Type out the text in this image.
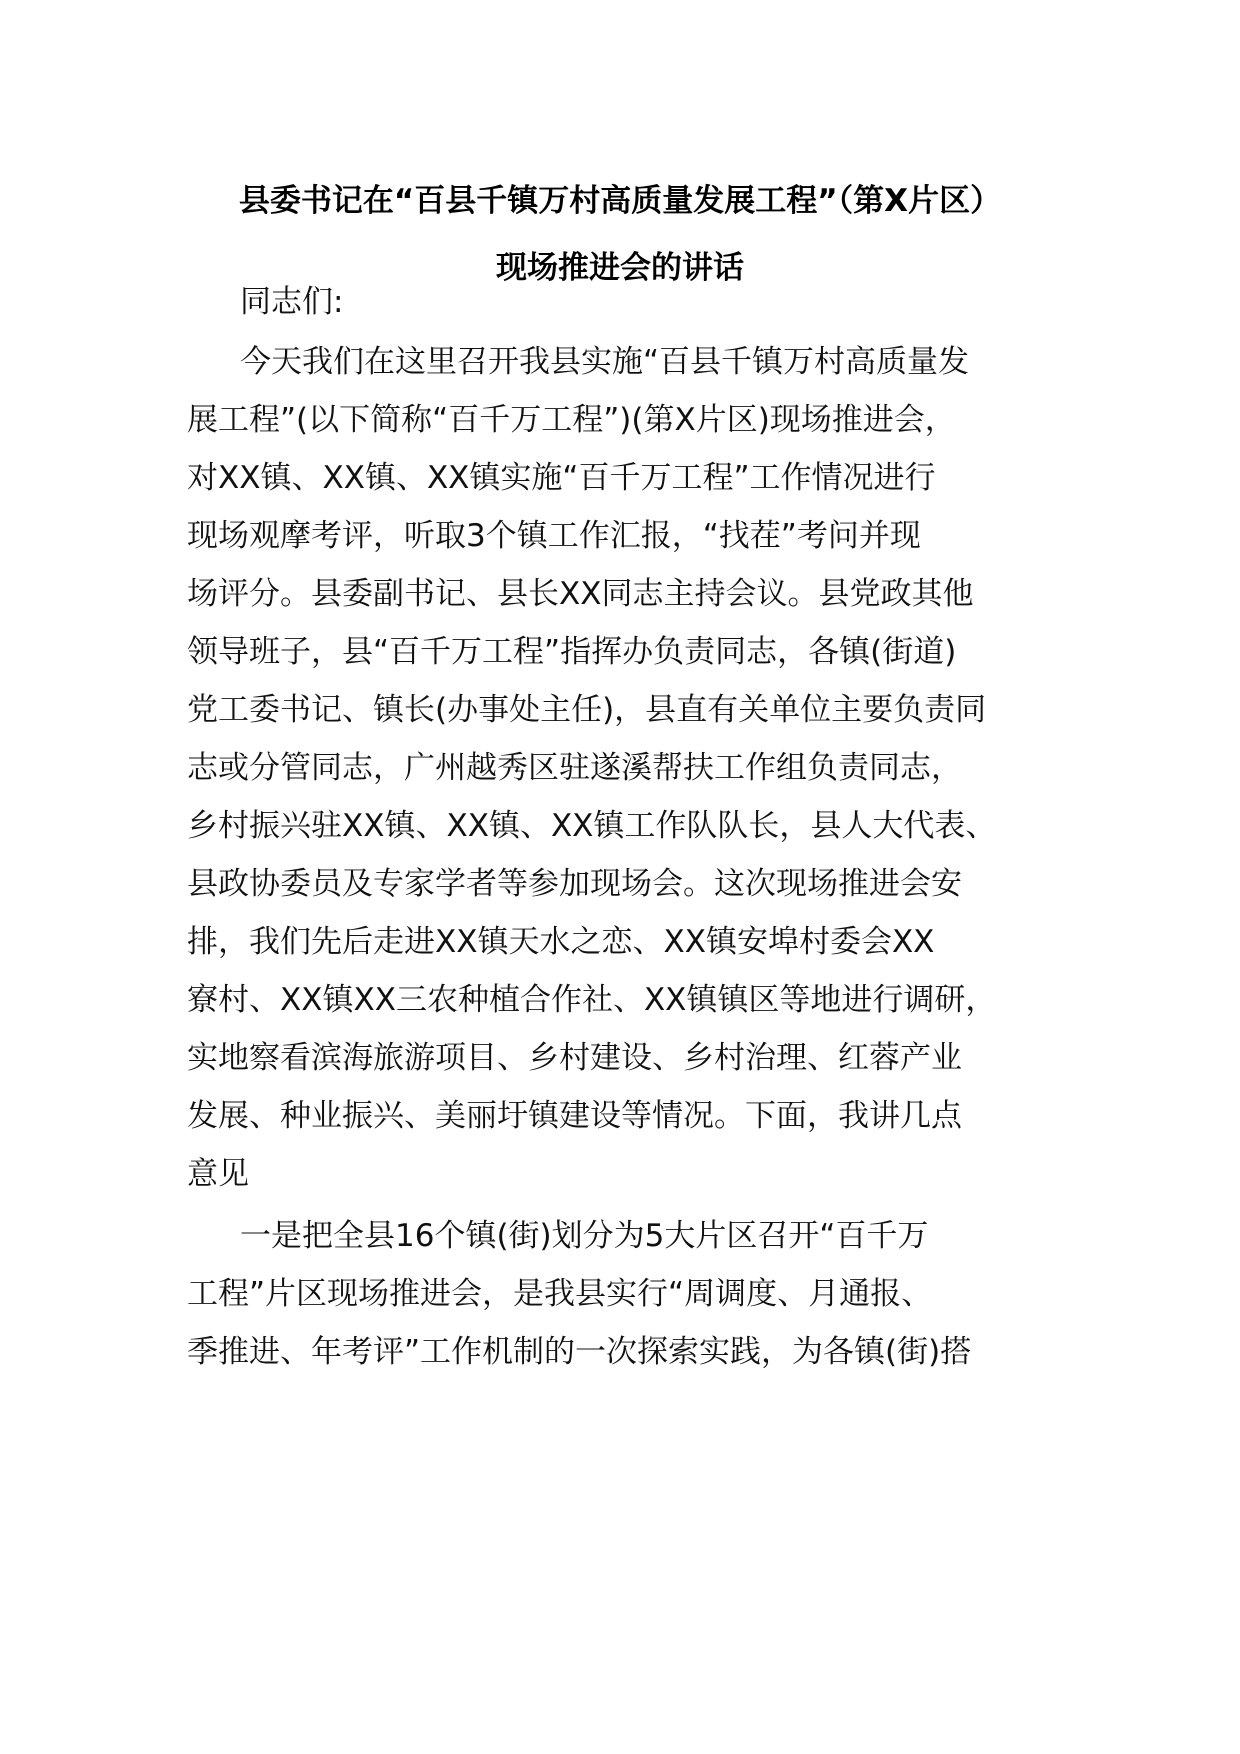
县委书记在“百县千镇万村高质量发展工程”（第X片区）
现场推进会的讲话
同志们:
今天我们在这里召开我县实施“百县千镇万村高质量发
展工程”(以下简称“百千万工程”)(第X片区)现场推进会，
对XX镇、XX镇、XX镇实施“百千万工程”工作情况进行
现场观摩考评，听取3个镇工作汇报，“找茬”考问并现
场评分。县委副书记、县长XX同志主持会议。县党政其他
领导班子，县“百千万工程”指挥办负责同志，各镇(街道)
党工委书记、镇长(办事处主任)，县直有关单位主要负责同
志或分管同志，广州越秀区驻遂溪帮扶工作组负责同志，
乡村振兴驻XX镇、XX镇、XX镇工作队队长，县人大代表、
县政协委员及专家学者等参加现场会。这次现场推进会安
排，我们先后走进XX镇天水之恋、XX镇安埠村委会XX
寮村、XX镇XX三农种植合作社、XX镇镇区等地进行调研，
实地察看滨海旅游项目、乡村建设、乡村治理、红蓉产业
发展、种业振兴、美丽圩镇建设等情况。下面，我讲几点
意见
一是把全县16个镇(街)划分为5大片区召开“百千万
工程”片区现场推进会，是我县实行“周调度、月通报、
季推进、年考评”工作机制的一次探索实践，为各镇(街)搭
